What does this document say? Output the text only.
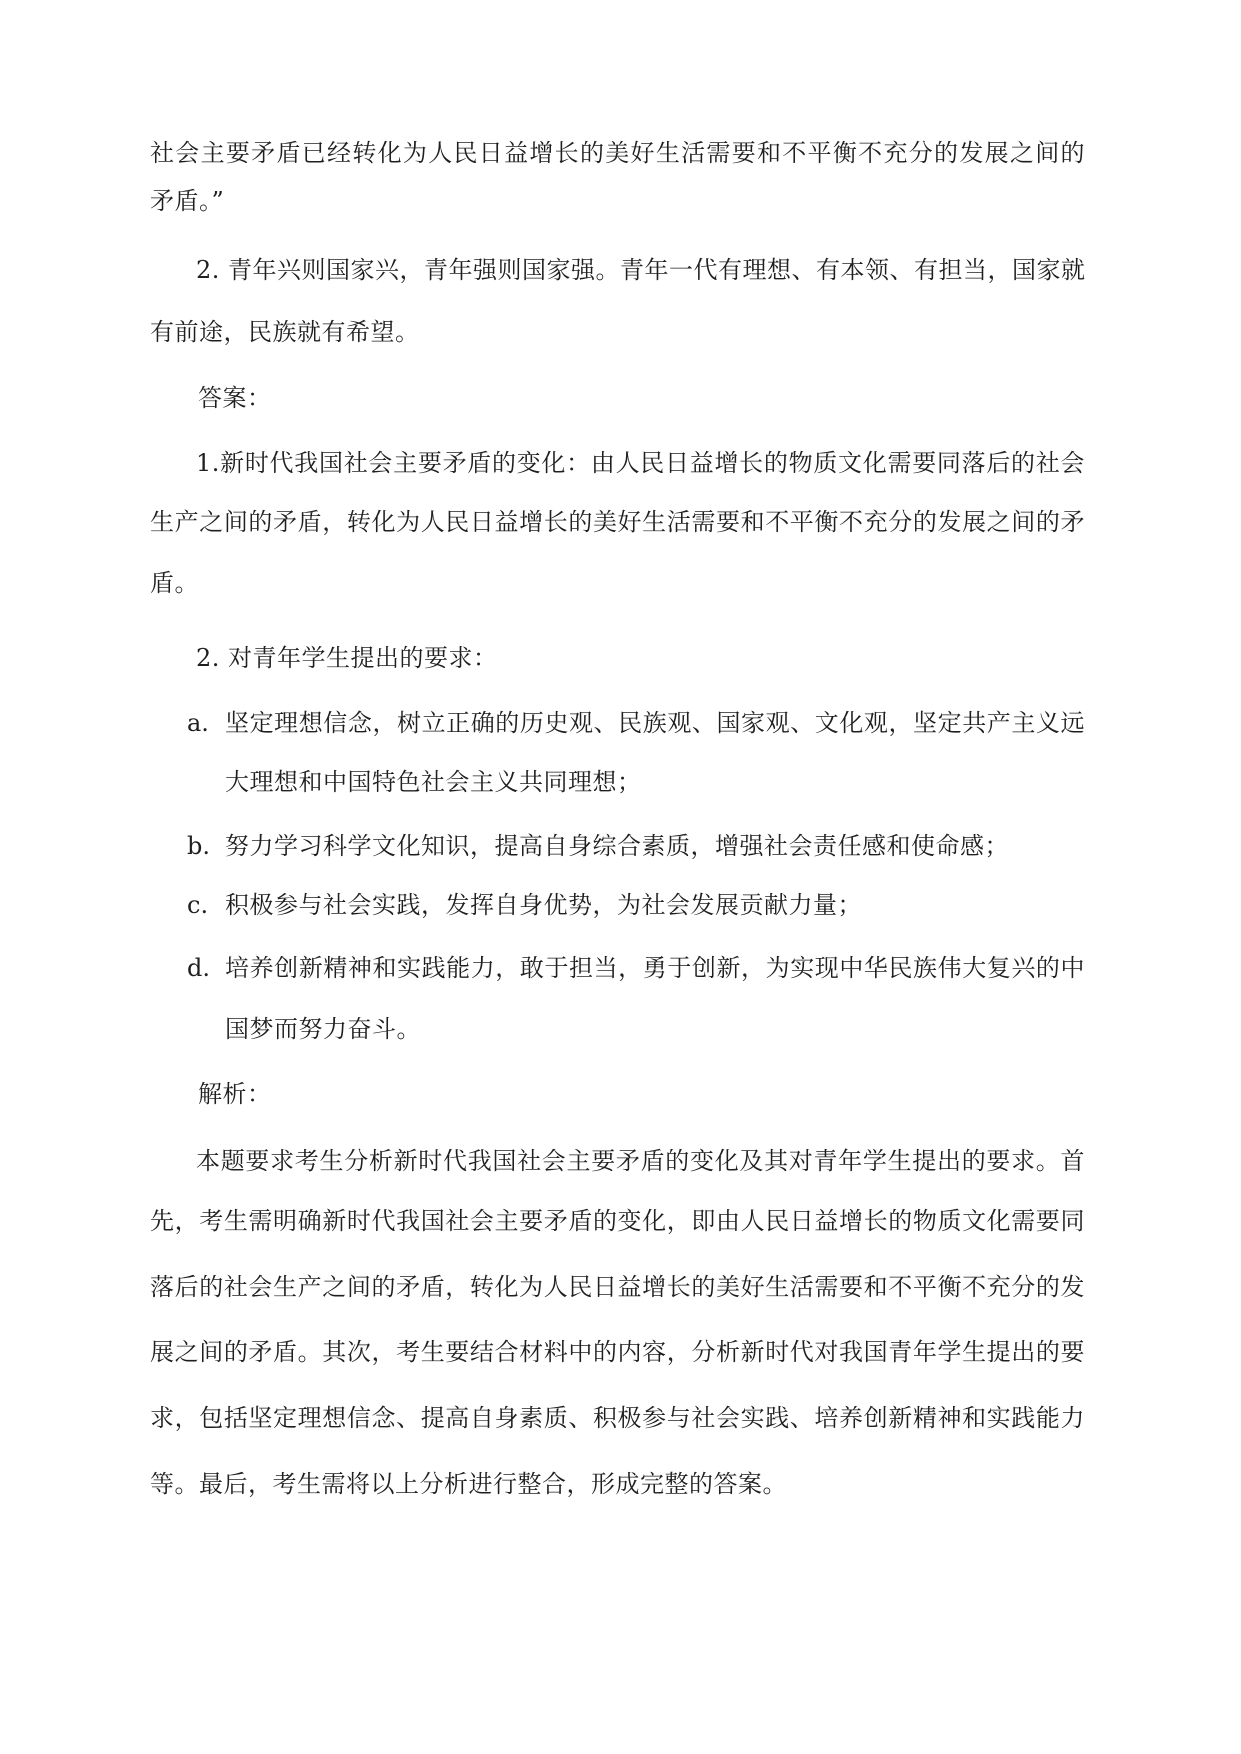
社会主要矛盾已经转化为人民日益增长的美好生活需要和不平衡不充分的发展之间的
矛盾。”
2. 青年兴则国家兴，青年强则国家强。青年一代有理想、有本领、有担当，国家就
有前途，民族就有希望。
答案：
1.新时代我国社会主要矛盾的变化：由人民日益增长的物质文化需要同落后的社会
生产之间的矛盾，转化为人民日益增长的美好生活需要和不平衡不充分的发展之间的矛
盾。
2. 对青年学生提出的要求：
a. 坚定理想信念，树立正确的历史观、民族观、国家观、文化观，坚定共产主义远
大理想和中国特色社会主义共同理想；
b. 努力学习科学文化知识，提高自身综合素质，增强社会责任感和使命感；
c. 积极参与社会实践，发挥自身优势，为社会发展贡献力量；
d. 培养创新精神和实践能力，敢于担当，勇于创新，为实现中华民族伟大复兴的中
国梦而努力奋斗。
解析：
本题要求考生分析新时代我国社会主要矛盾的变化及其对青年学生提出的要求。首
先，考生需明确新时代我国社会主要矛盾的变化，即由人民日益增长的物质文化需要同
落后的社会生产之间的矛盾，转化为人民日益增长的美好生活需要和不平衡不充分的发
展之间的矛盾。其次，考生要结合材料中的内容，分析新时代对我国青年学生提出的要
求，包括坚定理想信念、提高自身素质、积极参与社会实践、培养创新精神和实践能力
等。最后，考生需将以上分析进行整合，形成完整的答案。
